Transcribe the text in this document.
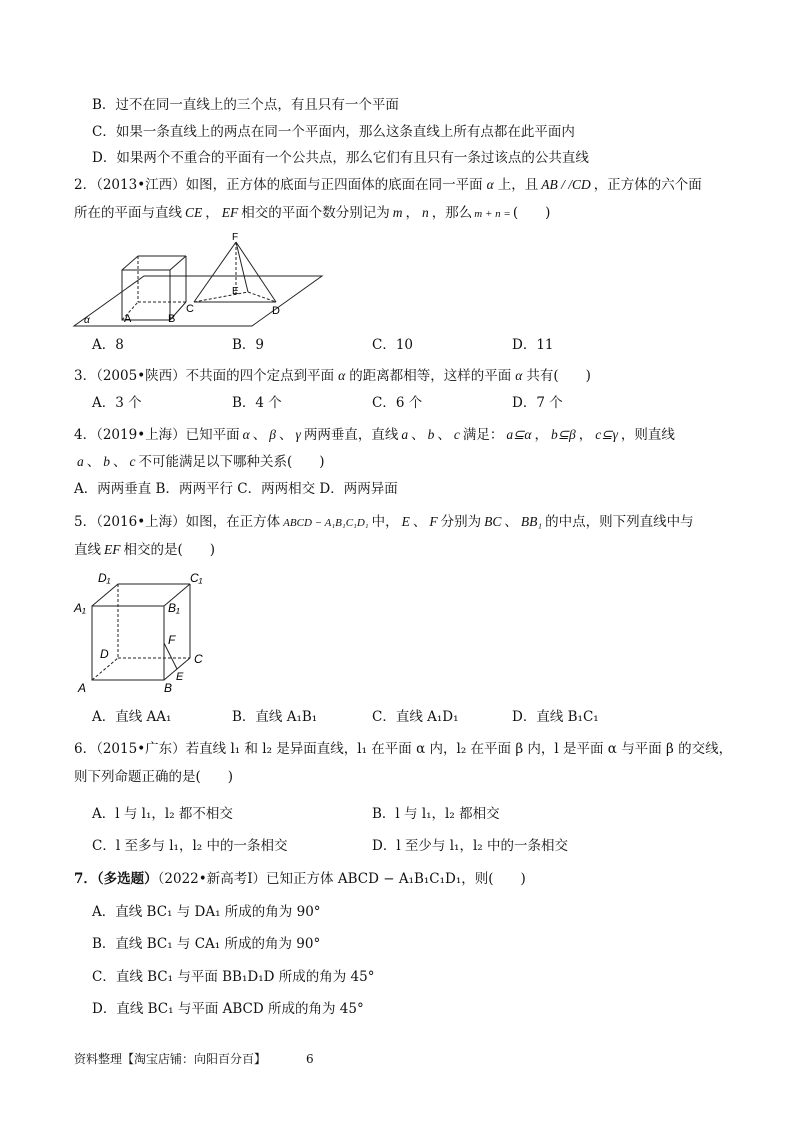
B．过不在同一直线上的三个点，有且只有一个平面
C．如果一条直线上的两点在同一个平面内，那么这条直线上所有点都在此平面内
D．如果两个不重合的平面有一个公共点，那么它们有且只有一条过该点的公共直线
2．（2013•江西）如图，正方体的底面与正四面体的底面在同一平面 α 上，且 AB / /CD ，正方体的六个面
所在的平面与直线 CE ， EF 相交的平面个数分别记为 m ， n ，那么 m + n = (　　)
α	A	B
C	D
E
F
A．8	B．9	C．10	D．11
3．（2005•陕西）不共面的四个定点到平面 α 的距离都相等，这样的平面 α 共有(　　)
A．3 个	B．4 个	C．6 个	D．7 个
4．（2019•上海）已知平面 α 、 β 、 γ 两两垂直，直线 a 、 b 、 c 满足： a⊆α ， b⊆β ， c⊆γ ，则直线
a 、 b 、 c 不可能满足以下哪种关系(　　)
A．两两垂直 B．两两平行 C．两两相交 D．两两异面
5．（2016•上海）如图，在正方体 ABCD − A₁B₁C₁D₁ 中， E 、 F 分别为 BC 、 BB₁ 的中点，则下列直线中与
直线 EF 相交的是(　　)
D₁	C₁
A₁	B₁
F
D	C
E
A	B
A．直线 AA₁	B．直线 A₁B₁	C．直线 A₁D₁	D．直线 B₁C₁
6．（2015•广东）若直线 l₁ 和 l₂ 是异面直线，l₁ 在平面 α 内，l₂ 在平面 β 内，l 是平面 α 与平面 β 的交线，
则下列命题正确的是(　　)
A．l 与 l₁，l₂ 都不相交	B．l 与 l₁，l₂ 都相交
C．l 至多与 l₁，l₂ 中的一条相交	D．l 至少与 l₁，l₂ 中的一条相交
7．（多选题）（2022•新高考Ⅰ）已知正方体 ABCD − A₁B₁C₁D₁，则(　　)
A．直线 BC₁ 与 DA₁ 所成的角为 90°
B．直线 BC₁ 与 CA₁ 所成的角为 90°
C．直线 BC₁ 与平面 BB₁D₁D 所成的角为 45°
D．直线 BC₁ 与平面 ABCD 所成的角为 45°
资料整理【淘宝店铺：向阳百分百】	6
